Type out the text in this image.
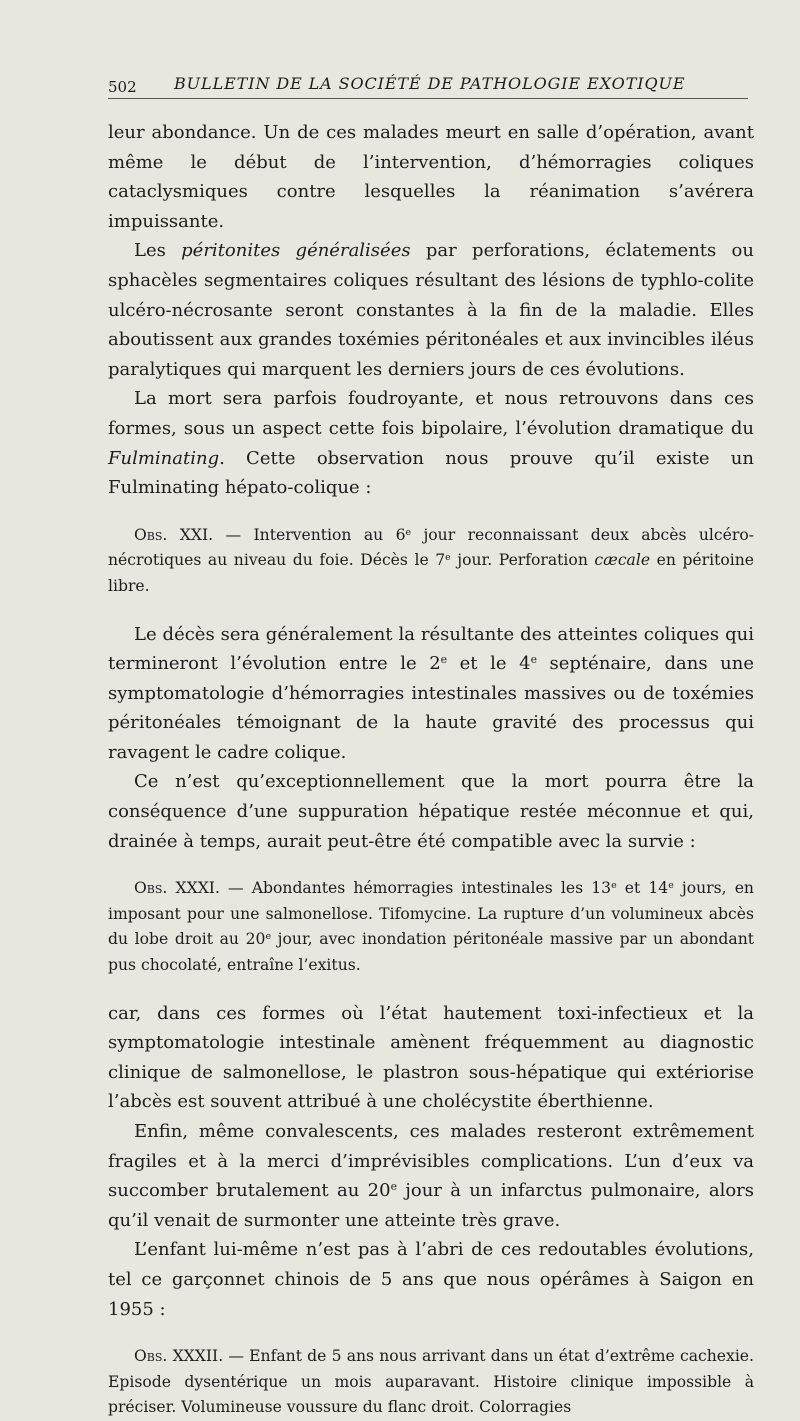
502 BULLETIN DE LA SOCIÉTÉ DE PATHOLOGIE EXOTIQUE

leur abondance. Un de ces malades meurt en salle d’opération, avant même le début de l’intervention, d’hémorragies coliques cataclysmiques contre lesquelles la réanimation s’avérera impuissante.

Les péritonites généralisées par perforations, éclatements ou sphacèles segmentaires coliques résultant des lésions de typhlo-colite ulcéro-nécrosante seront constantes à la fin de la maladie. Elles aboutissent aux grandes toxémies péritonéales et aux invincibles iléus paralytiques qui marquent les derniers jours de ces évolutions.

La mort sera parfois foudroyante, et nous retrouvons dans ces formes, sous un aspect cette fois bipolaire, l’évolution dramatique du Fulminating. Cette observation nous prouve qu’il existe un Fulminating hépato-colique :

Obs. XXI. — Intervention au 6e jour reconnaissant deux abcès ulcéro-nécrotiques au niveau du foie. Décès le 7e jour. Perforation cæcale en péritoine libre.

Le décès sera généralement la résultante des atteintes coliques qui termineront l’évolution entre le 2e et le 4e septénaire, dans une symptomatologie d’hémorragies intestinales massives ou de toxémies péritonéales témoignant de la haute gravité des processus qui ravagent le cadre colique.

Ce n’est qu’exceptionnellement que la mort pourra être la conséquence d’une suppuration hépatique restée méconnue et qui, drainée à temps, aurait peut-être été compatible avec la survie :

Obs. XXXI. — Abondantes hémorragies intestinales les 13e et 14e jours, en imposant pour une salmonellose. Tifomycine. La rupture d’un volumineux abcès du lobe droit au 20e jour, avec inondation péritonéale massive par un abondant pus chocolaté, entraîne l’exitus.

car, dans ces formes où l’état hautement toxi-infectieux et la symptomatologie intestinale amènent fréquemment au diagnostic clinique de salmonellose, le plastron sous-hépatique qui extériorise l’abcès est souvent attribué à une cholécystite éberthienne.

Enfin, même convalescents, ces malades resteront extrêmement fragiles et à la merci d’imprévisibles complications. L’un d’eux va succomber brutalement au 20e jour à un infarctus pulmonaire, alors qu’il venait de surmonter une atteinte très grave.

L’enfant lui-même n’est pas à l’abri de ces redoutables évolutions, tel ce garçonnet chinois de 5 ans que nous opérâmes à Saigon en 1955 :

Obs. XXXII. — Enfant de 5 ans nous arrivant dans un état d’extrême cachexie. Episode dysentérique un mois auparavant. Histoire clinique impossible à préciser. Volumineuse voussure du flanc droit. Colorragies
